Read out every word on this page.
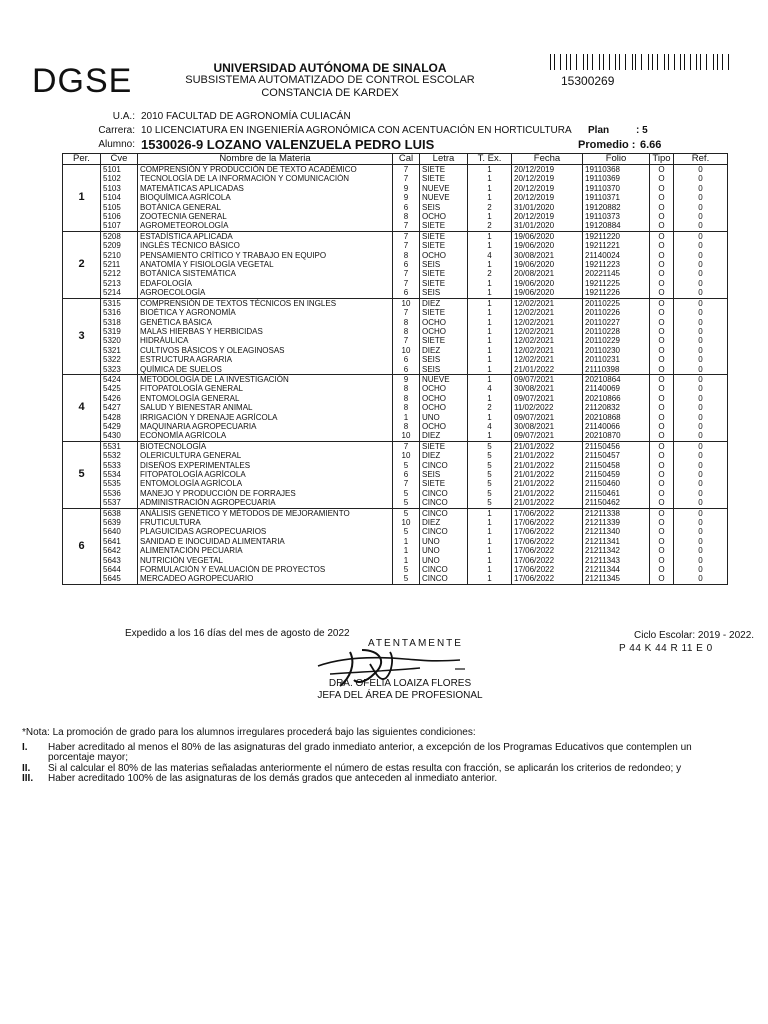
DGSE	UNIVERSIDAD AUTÓNOMA DE SINALOA
SUBSISTEMA AUTOMATIZADO DE CONTROL ESCOLAR
CONSTANCIA DE KARDEX
15300269
U.A.: 2010 FACULTAD DE AGRONOMÍA CULIACÁN
Carrera: 10 LICENCIATURA EN INGENIERÍA AGRONÓMICA CON ACENTUACIÓN EN HORTICULTURA Plan	: 5
Alumno: 1530026-9 LOZANO VALENZUELA PEDRO LUIS	Promedio : 6.66
Per.	Cve	Nombre de la Materia	Cal	Letra	T. Ex.	Fecha	Folio	Tipo	Ref.
1	5101	COMPRENSIÓN Y PRODUCCIÓN DE TEXTO ACADÉMICO	7	SIETE	1	20/12/2019	19110368	O	0
	5102	TECNOLOGÍA DE LA INFORMACIÓN Y COMUNICACIÓN	7	SIETE	1	20/12/2019	19110369	O	0
	5103	MATEMÁTICAS APLICADAS	9	NUEVE	1	20/12/2019	19110370	O	0
	5104	BIOQUÍMICA AGRÍCOLA	9	NUEVE	1	20/12/2019	19110371	O	0
	5105	BOTÁNICA GENERAL	6	SEIS	2	31/01/2020	19120882	O	0
	5106	ZOOTECNIA GENERAL	8	OCHO	1	20/12/2019	19110373	O	0
	5107	AGROMETEOROLOGÍA	7	SIETE	2	31/01/2020	19120884	O	0
2	5208	ESTADÍSTICA APLICADA	7	SIETE	1	19/06/2020	19211220	O	0
	5209	INGLÉS TÉCNICO BÁSICO	7	SIETE	1	19/06/2020	19211221	O	0
	5210	PENSAMIENTO CRÍTICO Y TRABAJO EN EQUIPO	8	OCHO	4	30/08/2021	21140024	O	0
	5211	ANATOMÍA Y FISIOLOGÍA VEGETAL	6	SEIS	1	19/06/2020	19211223	O	0
	5212	BOTÁNICA SISTEMÁTICA	7	SIETE	2	20/08/2021	20221145	O	0
	5213	EDAFOLOGÍA	7	SIETE	1	19/06/2020	19211225	O	0
	5214	AGROECOLOGÍA	6	SEIS	1	19/06/2020	19211226	O	0
3	5315	COMPRENSIÓN DE TEXTOS TÉCNICOS EN INGLES	10	DIEZ	1	12/02/2021	20110225	O	0
	5316	BIOÉTICA Y AGRONOMÍA	7	SIETE	1	12/02/2021	20110226	O	0
	5318	GENÉTICA BÁSICA	8	OCHO	1	12/02/2021	20110227	O	0
	5319	MALAS HIERBAS Y HERBICIDAS	8	OCHO	1	12/02/2021	20110228	O	0
	5320	HIDRÁULICA	7	SIETE	1	12/02/2021	20110229	O	0
	5321	CULTIVOS BÁSICOS Y OLEAGINOSAS	10	DIEZ	1	12/02/2021	20110230	O	0
	5322	ESTRUCTURA AGRARIA	6	SEIS	1	12/02/2021	20110231	O	0
	5323	QUÍMICA DE SUELOS	6	SEIS	1	21/01/2022	21110398	O	0
4	5424	METODOLOGÍA DE LA INVESTIGACIÓN	9	NUEVE	1	09/07/2021	20210864	O	0
	5425	FITOPATOLOGÍA GENERAL	8	OCHO	4	30/08/2021	21140069	O	0
	5426	ENTOMOLOGÍA GENERAL	8	OCHO	1	09/07/2021	20210866	O	0
	5427	SALUD Y BIENESTAR ANIMAL	8	OCHO	2	11/02/2022	21120832	O	0
	5428	IRRIGACIÓN Y DRENAJE AGRÍCOLA	1	UNO	1	09/07/2021	20210868	O	0
	5429	MAQUINARIA AGROPECUARIA	8	OCHO	4	30/08/2021	21140066	O	0
	5430	ECONOMÍA AGRÍCOLA	10	DIEZ	1	09/07/2021	20210870	O	0
5	5531	BIOTECNOLOGÍA	7	SIETE	5	21/01/2022	21150456	O	0
	5532	OLERICULTURA GENERAL	10	DIEZ	5	21/01/2022	21150457	O	0
	5533	DISEÑOS EXPERIMENTALES	5	CINCO	5	21/01/2022	21150458	O	0
	5534	FITOPATOLOGÍA AGRÍCOLA	6	SEIS	5	21/01/2022	21150459	O	0
	5535	ENTOMOLOGÍA AGRÍCOLA	7	SIETE	5	21/01/2022	21150460	O	0
	5536	MANEJO Y PRODUCCIÓN DE FORRAJES	5	CINCO	5	21/01/2022	21150461	O	0
	5537	ADMINISTRACIÓN AGROPECUARIA	5	CINCO	5	21/01/2022	21150462	O	0
6	5638	ANÁLISIS GENÉTICO Y MÉTODOS DE MEJORAMIENTO	5	CINCO	1	17/06/2022	21211338	O	0
	5639	FRUTICULTURA	10	DIEZ	1	17/06/2022	21211339	O	0
	5640	PLAGUICIDAS AGROPECUARIOS	5	CINCO	1	17/06/2022	21211340	O	0
	5641	SANIDAD E INOCUIDAD ALIMENTARIA	1	UNO	1	17/06/2022	21211341	O	0
	5642	ALIMENTACIÓN PECUARIA	1	UNO	1	17/06/2022	21211342	O	0
	5643	NUTRICIÓN VEGETAL	1	UNO	1	17/06/2022	21211343	O	0
	5644	FORMULACIÓN Y EVALUACIÓN DE PROYECTOS	5	CINCO	1	17/06/2022	21211344	O	0
	5645	MERCADEO AGROPECUARIO	5	CINCO	1	17/06/2022	21211345	O	0
Expedido a los 16 días del mes de agosto de 2022	Ciclo Escolar: 2019 - 2022.
P 44 K 44 R 11 E 0
ATENTAMENTE
DRA. OFELIA LOAIZA FLORES
JEFA DEL ÁREA DE PROFESIONAL
*Nota: La promoción de grado para los alumnos irregulares procederá bajo las siguientes condiciones:
I. Haber acreditado al menos el 80% de las asignaturas del grado inmediato anterior, a excepción de los Programas Educativos que contemplen un porcentaje mayor;
II. Si al calcular el 80% de las materias señaladas anteriormente el número de estas resulta con fracción, se aplicarán los criterios de redondeo; y
III. Haber acreditado 100% de las asignaturas de los demás grados que anteceden al inmediato anterior.
